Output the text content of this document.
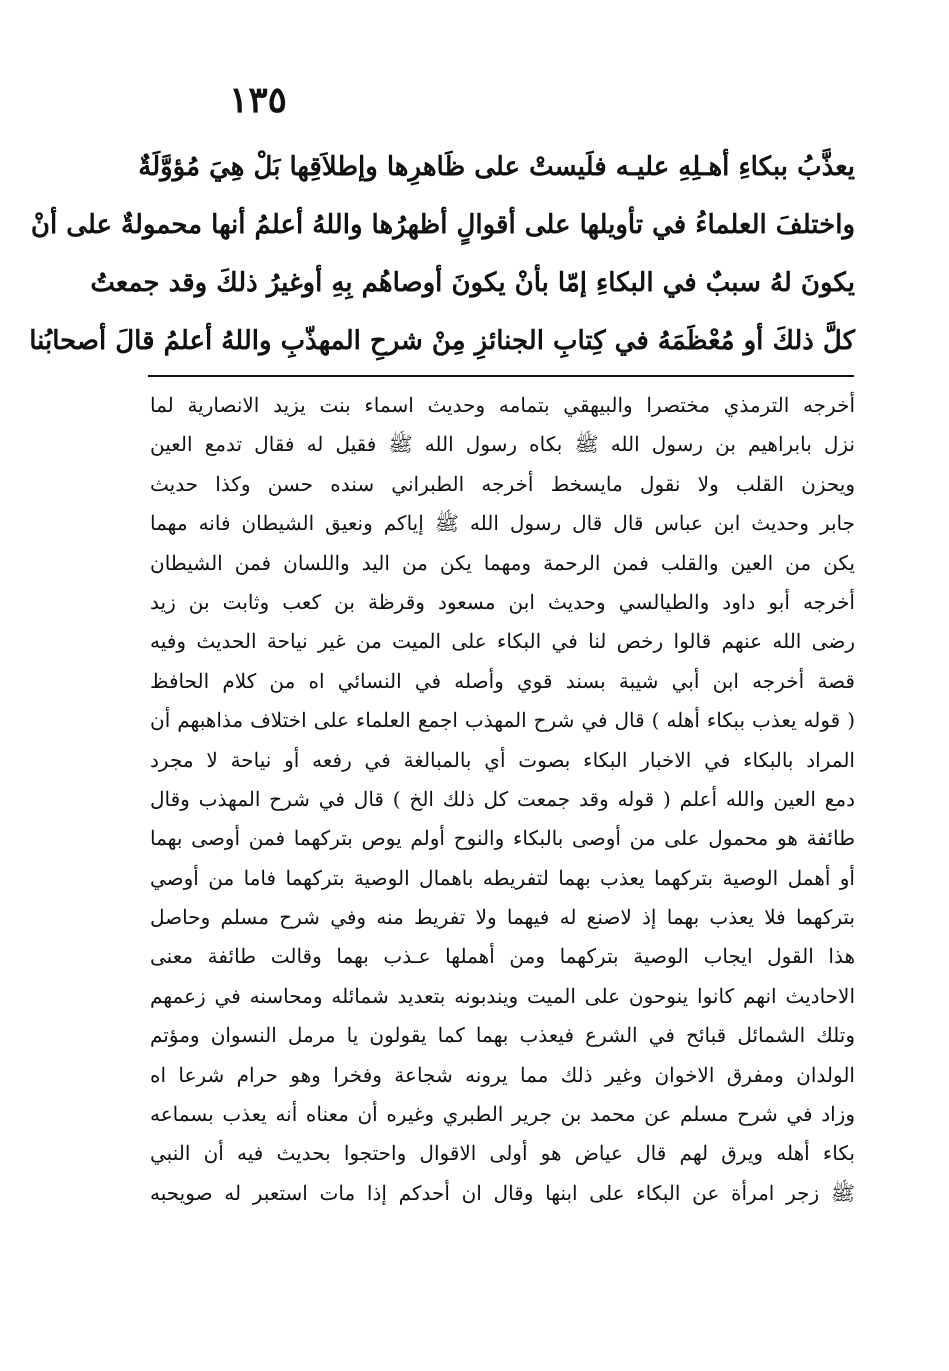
١٣٥
يعذَّبُ ببكاءِ أهـلِهِ عليـه فلَيستْ على ظَاهرِها وإطلاَقِها بَلْ هِيَ مُؤوَّلَةٌ
واختلفَ العلماءُ في تأويلها على أقوالٍ أظهرُها واللهُ أعلمُ أنها محمولةٌ على أنْ
يكونَ لهُ سببٌ في البكاءِ إمّا بأنْ يكونَ أوصاهُم بِهِ أوغيرُ ذلكَ وقد جمعتُ
كلَّ ذلكَ أو مُعْظَمَهُ في كِتابِ الجنائزِ مِنْ شرحِ المهذّبِ واللهُ أعلمُ قالَ أصحابُنا
أخرجه الترمذي مختصرا والبيهقي بتمامه وحديث اسماء بنت يزيد الانصارية لما
نزل بابراهيم بن رسول الله ﷺ بكاه رسول الله ﷺ فقيل له فقال تدمع العين
ويحزن القلب ولا نقول مايسخط أخرجه الطبراني سنده حسن وكذا حديث
جابر وحديث ابن عباس قال قال رسول الله ﷺ إياكم ونعيق الشيطان فانه مهما
يكن من العين والقلب فمن الرحمة ومهما يكن من اليد واللسان فمن الشيطان
أخرجه أبو داود والطيالسي وحديث ابن مسعود وقرظة بن كعب وثابت بن زيد
رضى الله عنهم قالوا رخص لنا في البكاء على الميت من غير نياحة الحديث وفيه
قصة أخرجه ابن أبي شيبة بسند قوي وأصله في النسائي اه من كلام الحافظ
( قوله يعذب ببكاء أهله ) قال في شرح المهذب اجمع العلماء على اختلاف مذاهبهم أن
المراد بالبكاء في الاخبار البكاء بصوت أي بالمبالغة في رفعه أو نياحة لا مجرد
دمع العين والله أعلم ( قوله وقد جمعت كل ذلك الخ ) قال في شرح المهذب وقال
طائفة هو محمول على من أوصى بالبكاء والنوح أولم يوص بتركهما فمن أوصى بهما
أو أهمل الوصية بتركهما يعذب بهما لتفريطه باهمال الوصية بتركهما فاما من أوصي
بتركهما فلا يعذب بهما إذ لاصنع له فيهما ولا تفريط منه وفي شرح مسلم وحاصل
هذا القول ايجاب الوصية بتركهما ومن أهملها عـذب بهما وقالت طائفة معنى
الاحاديث انهم كانوا ينوحون على الميت ويندبونه بتعديد شمائله ومحاسنه في زعمهم
وتلك الشمائل قبائح في الشرع فيعذب بهما كما يقولون يا مرمل النسوان ومؤتم
الولدان ومفرق الاخوان وغير ذلك مما يرونه شجاعة وفخرا وهو حرام شرعا اه
وزاد في شرح مسلم عن محمد بن جرير الطبري وغيره أن معناه أنه يعذب بسماعه
بكاء أهله ويرق لهم قال عياض هو أولى الاقوال واحتجوا بحديث فيه أن النبي
ﷺ زجر امرأة عن البكاء على ابنها وقال ان أحدكم إذا مات استعبر له صويحبه
